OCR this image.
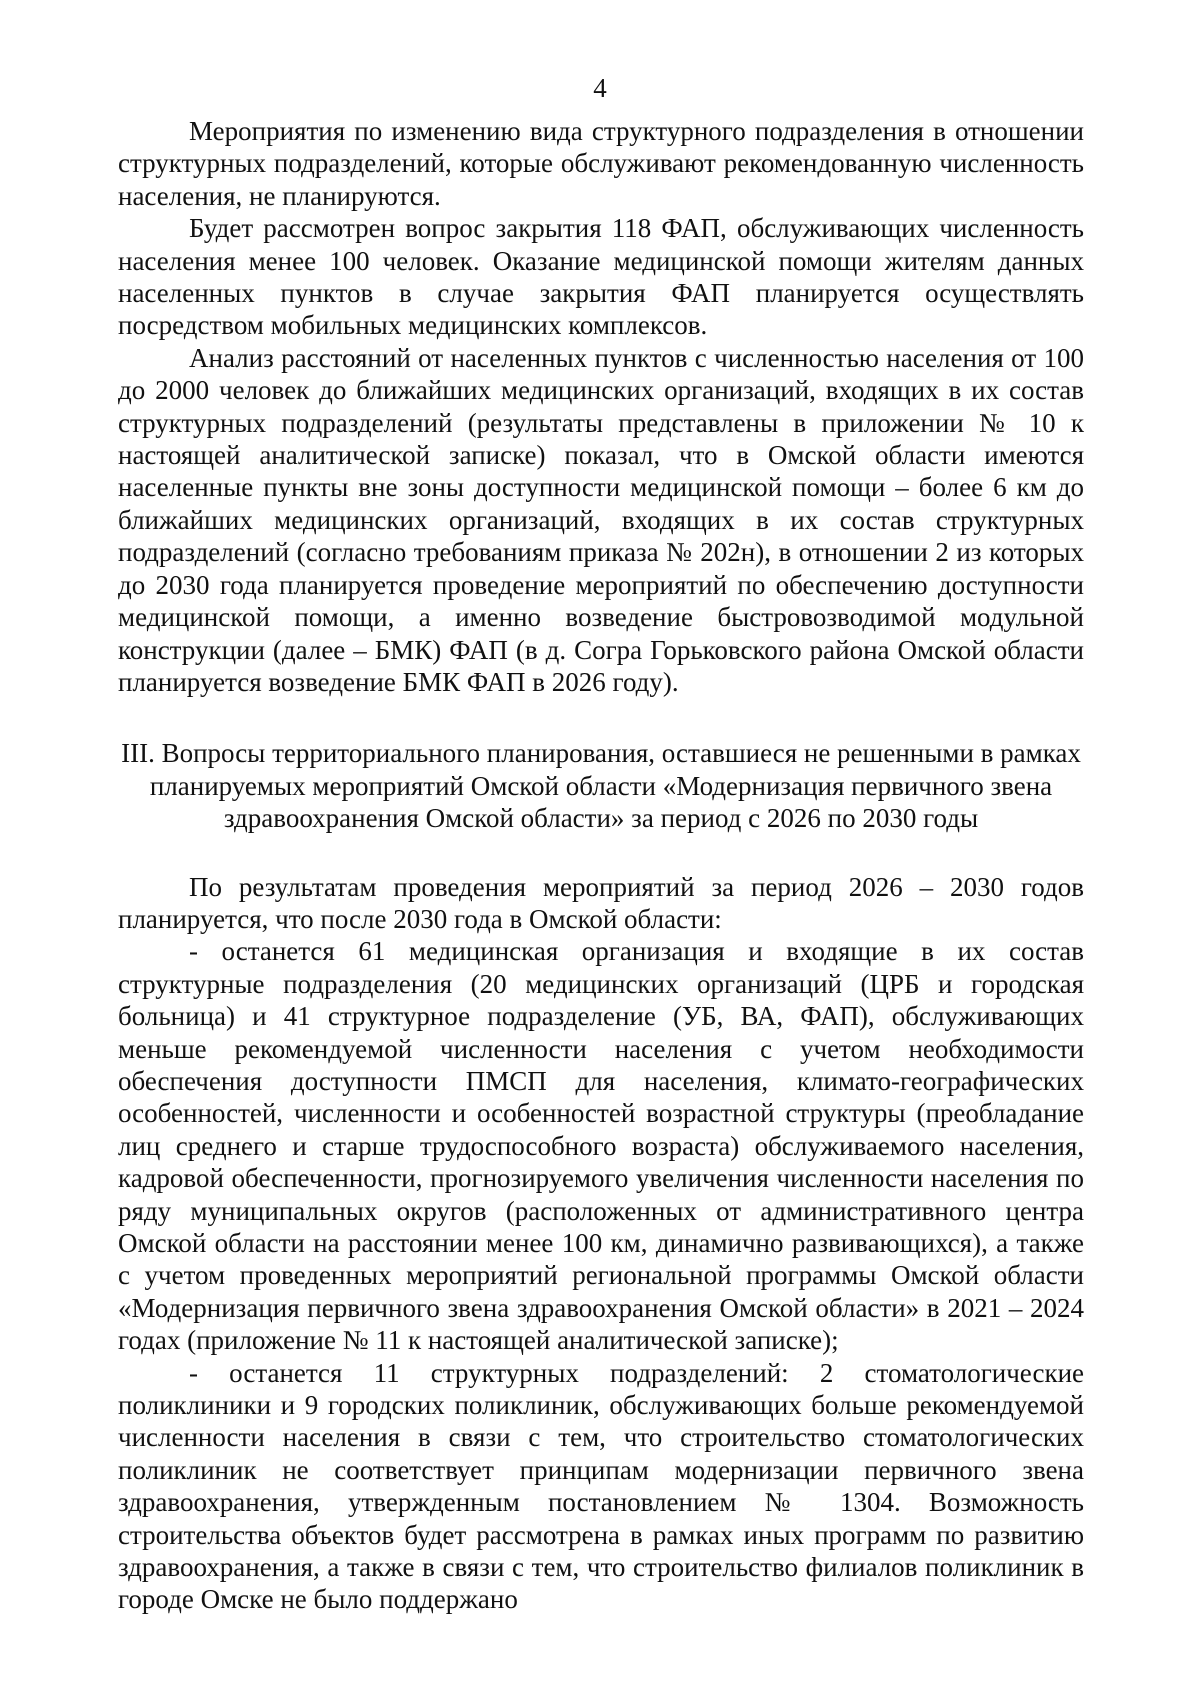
4

Мероприятия по изменению вида структурного подразделения в отношении структурных подразделений, которые обслуживают рекомендованную численность населения, не планируются.

Будет рассмотрен вопрос закрытия 118 ФАП, обслуживающих численность населения менее 100 человек. Оказание медицинской помощи жителям данных населенных пунктов в случае закрытия ФАП планируется осуществлять посредством мобильных медицинских комплексов.

Анализ расстояний от населенных пунктов с численностью населения от 100 до 2000 человек до ближайших медицинских организаций, входящих в их состав структурных подразделений (результаты представлены в приложении № 10 к настоящей аналитической записке) показал, что в Омской области имеются населенные пункты вне зоны доступности медицинской помощи – более 6 км до ближайших медицинских организаций, входящих в их состав структурных подразделений (согласно требованиям приказа № 202н), в отношении 2 из которых до 2030 года планируется проведение мероприятий по обеспечению доступности медицинской помощи, а именно возведение быстровозводимой модульной конструкции (далее – БМК) ФАП (в д. Согра Горьковского района Омской области планируется возведение БМК ФАП в 2026 году).

III. Вопросы территориального планирования, оставшиеся не решенными в рамках
планируемых мероприятий Омской области «Модернизация первичного звена
здравоохранения Омской области» за период с 2026 по 2030 годы

По результатам проведения мероприятий за период 2026 – 2030 годов планируется, что после 2030 года в Омской области:

- останется 61 медицинская организация и входящие в их состав структурные подразделения (20 медицинских организаций (ЦРБ и городская больница) и 41 структурное подразделение (УБ, ВА, ФАП), обслуживающих меньше рекомендуемой численности населения с учетом необходимости обеспечения доступности ПМСП для населения, климато-географических особенностей, численности и особенностей возрастной структуры (преобладание лиц среднего и старше трудоспособного возраста) обслуживаемого населения, кадровой обеспеченности, прогнозируемого увеличения численности населения по ряду муниципальных округов (расположенных от административного центра Омской области на расстоянии менее 100 км, динамично развивающихся), а также с учетом проведенных мероприятий региональной программы Омской области «Модернизация первичного звена здравоохранения Омской области» в 2021 – 2024 годах (приложение № 11 к настоящей аналитической записке);

- останется 11 структурных подразделений: 2 стоматологические поликлиники и 9 городских поликлиник, обслуживающих больше рекомендуемой численности населения в связи с тем, что строительство стоматологических поликлиник не соответствует принципам модернизации первичного звена здравоохранения, утвержденным постановлением № 1304. Возможность строительства объектов будет рассмотрена в рамках иных программ по развитию здравоохранения, а также в связи с тем, что строительство филиалов поликлиник в городе Омске не было поддержано
